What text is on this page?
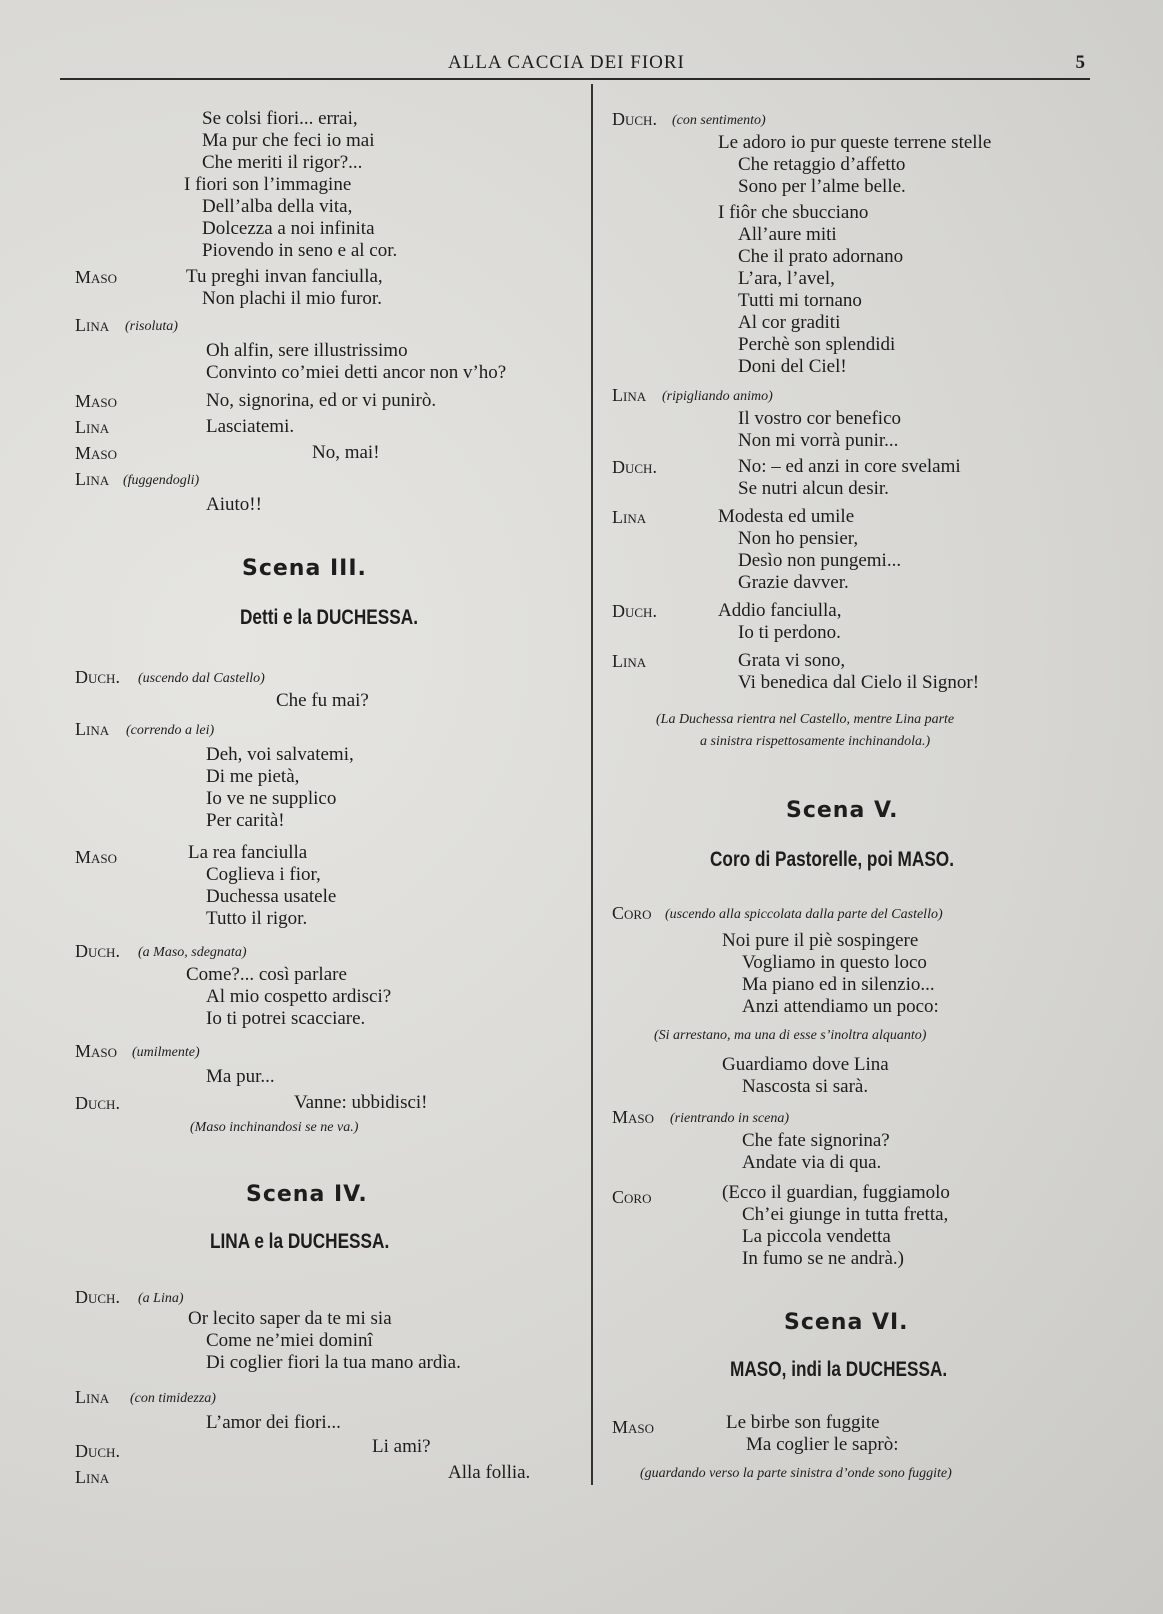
ALLA CACCIA DEI FIORI	5
Se colsi fiori... errai,
Ma pur che feci io mai
Che meriti il rigor?...
I fiori son l’immagine
Dell’alba della vita,
Dolcezza a noi infinita
Piovendo in seno e al cor.
Maso	Tu preghi invan fanciulla,
Non plachi il mio furor.
Lina (risoluta)
Oh alfin, sere illustrissimo
Convinto co’miei detti ancor non v’ho?
Maso	No, signorina, ed or vi punirò.
Lina	Lasciatemi.
Maso	No, mai!
Lina (fuggendogli)
Aiuto!!
Scena III.
Detti e la DUCHESSA.
Duch. (uscendo dal Castello)
Che fu mai?
Lina (correndo a lei)
Deh, voi salvatemi,
Di me pietà,
Io ve ne supplico
Per carità!
Maso	La rea fanciulla
Coglieva i fior,
Duchessa usatele
Tutto il rigor.
Duch. (a Maso, sdegnata)
Come?... così parlare
Al mio cospetto ardisci?
Io ti potrei scacciare.
Maso (umilmente)
Ma pur...
Duch.	Vanne: ubbidisci!
(Maso inchinandosi se ne va.)
Scena IV.
LINA e la DUCHESSA.
Duch. (a Lina)
Or lecito saper da te mi sia
Come ne’miei dominî
Di coglier fiori la tua mano ardìa.
Lina (con timidezza)
L’amor dei fiori...
Duch.	Li ami?
Lina	Alla follia.
Duch. (con sentimento)
Le adoro io pur queste terrene stelle
Che retaggio d’affetto
Sono per l’alme belle.
I fiôr che sbucciano
All’aure miti
Che il prato adornano
L’ara, l’avel,
Tutti mi tornano
Al cor graditi
Perchè son splendidi
Doni del Ciel!
Lina (ripigliando animo)
Il vostro cor benefico
Non mi vorrà punir...
Duch.	No: – ed anzi in core svelami
Se nutri alcun desir.
Lina	Modesta ed umile
Non ho pensier,
Desìo non pungemi...
Grazie davver.
Duch.	Addio fanciulla,
Io ti perdono.
Lina	Grata vi sono,
Vi benedica dal Cielo il Signor!
(La Duchessa rientra nel Castello, mentre Lina parte
a sinistra rispettosamente inchinandola.)
Scena V.
Coro di Pastorelle, poi MASO.
Coro (uscendo alla spiccolata dalla parte del Castello)
Noi pure il piè sospingere
Vogliamo in questo loco
Ma piano ed in silenzio...
Anzi attendiamo un poco:
(Si arrestano, ma una di esse s’inoltra alquanto)
Guardiamo dove Lina
Nascosta si sarà.
Maso (rientrando in scena)
Che fate signorina?
Andate via di qua.
Coro	(Ecco il guardian, fuggiamolo
Ch’ei giunge in tutta fretta,
La piccola vendetta
In fumo se ne andrà.)
Scena VI.
MASO, indi la DUCHESSA.
Maso	Le birbe son fuggite
Ma coglier le saprò:
(guardando verso la parte sinistra d’onde sono fuggite)
